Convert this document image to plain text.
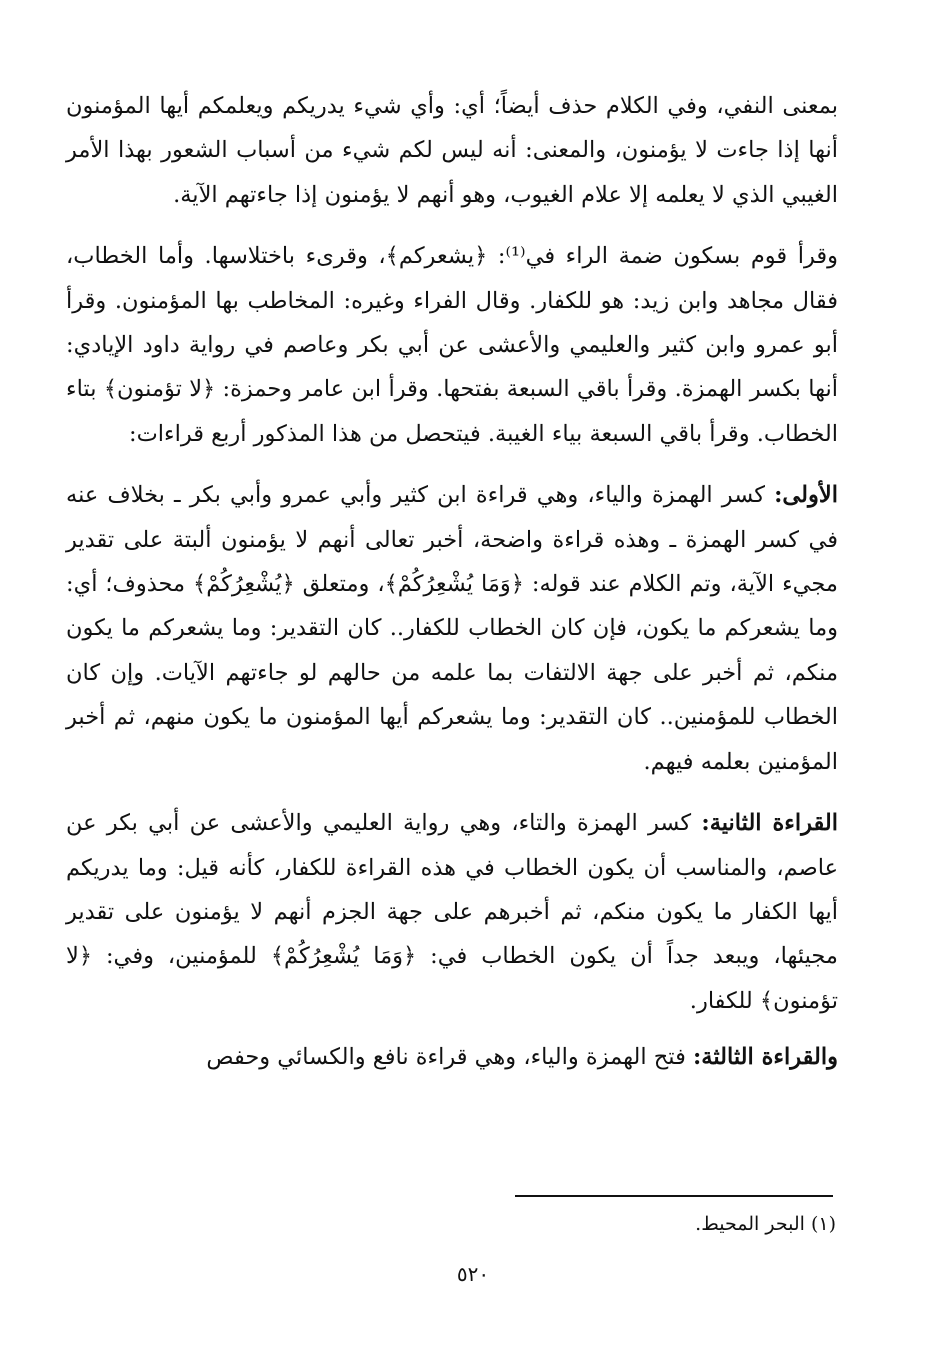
بمعنى النفي، وفي الكلام حذف أيضاً؛ أي: وأي شيء يدريكم ويعلمكم أيها المؤمنون أنها إذا جاءت لا يؤمنون، والمعنى: أنه ليس لكم شيء من أسباب الشعور بهذا الأمر الغيبي الذي لا يعلمه إلا علام الغيوب، وهو أنهم لا يؤمنون إذا جاءتهم الآية.

وقرأ قوم بسكون ضمة الراء في⁽¹⁾: ﴿يشعركم﴾، وقرىء باختلاسها. وأما الخطاب، فقال مجاهد وابن زيد: هو للكفار. وقال الفراء وغيره: المخاطب بها المؤمنون. وقرأ أبو عمرو وابن كثير والعليمي والأعشى عن أبي بكر وعاصم في رواية داود الإيادي: أنها بكسر الهمزة. وقرأ باقي السبعة بفتحها. وقرأ ابن عامر وحمزة: ﴿لا تؤمنون﴾ بتاء الخطاب. وقرأ باقي السبعة بياء الغيبة. فيتحصل من هذا المذكور أربع قراءات:

الأولى: كسر الهمزة والياء، وهي قراءة ابن كثير وأبي عمرو وأبي بكر ـ بخلاف عنه في كسر الهمزة ـ وهذه قراءة واضحة، أخبر تعالى أنهم لا يؤمنون ألبتة على تقدير مجيء الآية، وتم الكلام عند قوله: ﴿وَمَا يُشْعِرُكُمْ﴾، ومتعلق ﴿يُشْعِرُكُمْ﴾ محذوف؛ أي: وما يشعركم ما يكون، فإن كان الخطاب للكفار.. كان التقدير: وما يشعركم ما يكون منكم، ثم أخبر على جهة الالتفات بما علمه من حالهم لو جاءتهم الآيات. وإن كان الخطاب للمؤمنين.. كان التقدير: وما يشعركم أيها المؤمنون ما يكون منهم، ثم أخبر المؤمنين بعلمه فيهم.

القراءة الثانية: كسر الهمزة والتاء، وهي رواية العليمي والأعشى عن أبي بكر عن عاصم، والمناسب أن يكون الخطاب في هذه القراءة للكفار، كأنه قيل: وما يدريكم أيها الكفار ما يكون منكم، ثم أخبرهم على جهة الجزم أنهم لا يؤمنون على تقدير مجيئها، ويبعد جداً أن يكون الخطاب في: ﴿وَمَا يُشْعِرُكُمْ﴾ للمؤمنين، وفي: ﴿لا تؤمنون﴾ للكفار.

والقراءة الثالثة: فتح الهمزة والياء، وهي قراءة نافع والكسائي وحفص

(١) البحر المحيط.
٥٢٠
